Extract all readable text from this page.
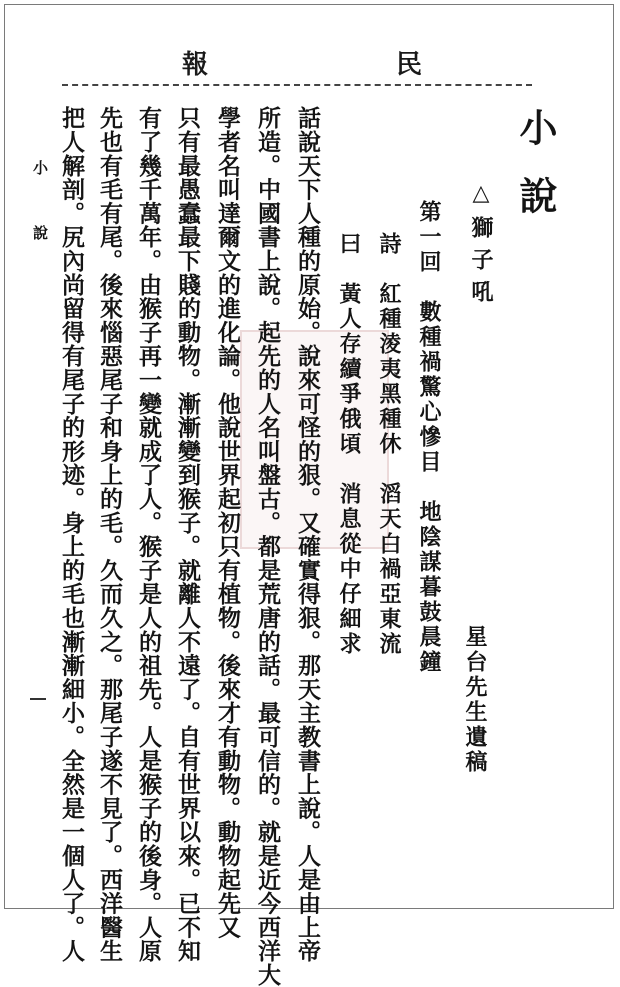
民
報
小說
△獅子吼
星台先生遺稿
第一回　數種禍驚心慘目　地陰謀暮鼓晨鐘
詩　紅種淩夷黑種休　滔天白禍亞東流
曰　黃人存續爭俄頃　消息從中仔細求
話說天下人種的原始。說來可怪的狠。又確實得狠。那天主教書上說。人是由上帝
所造。中國書上說。起先的人名叫盤古。都是荒唐的話。最可信的。就是近今西洋大
學者名叫達爾文的進化論。他說世界起初只有植物。後來才有動物。動物起先又
只有最愚蠢最下賤的動物。漸漸變到猴子。就離人不遠了。自有世界以來。已不知
有了幾千萬年。由猴子再一變就成了人。猴子是人的祖先。人是猴子的後身。人原
先也有毛有尾。後來惱惡尾子和身上的毛。久而久之。那尾子遂不見了。西洋醫生
把人解剖。尻內尚留得有尾子的形迹。身上的毛也漸漸細小。全然是一個人了。人
小說
